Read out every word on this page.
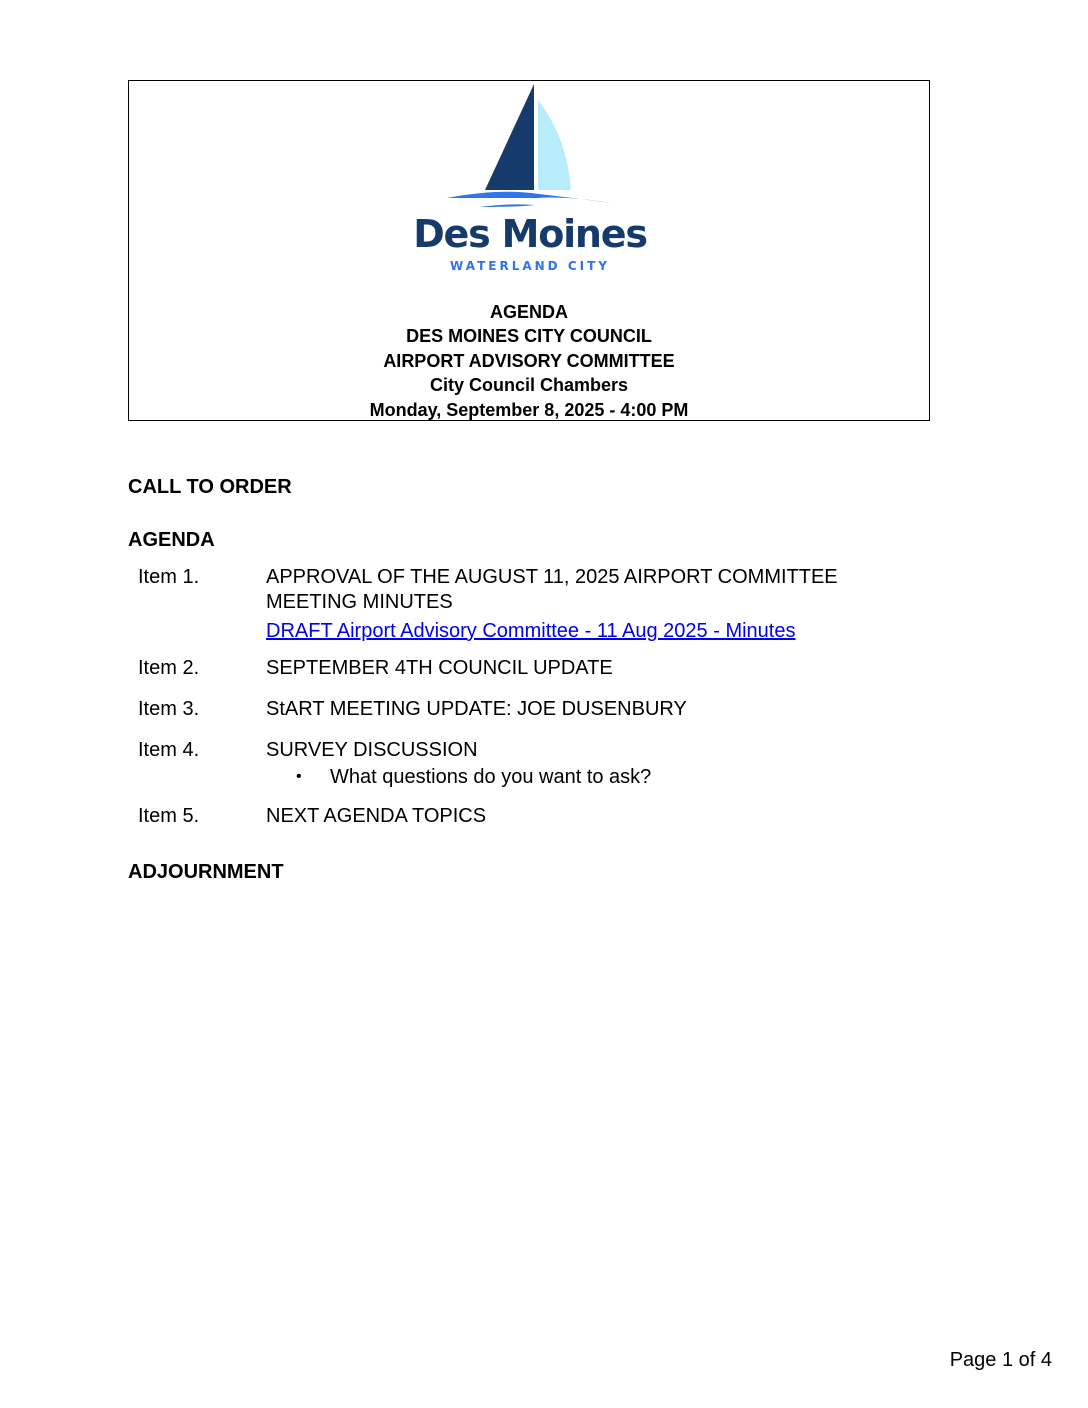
Des Moines
WATERLAND CITY
AGENDA
DES MOINES CITY COUNCIL
AIRPORT ADVISORY COMMITTEE
City Council Chambers
Monday, September 8, 2025 - 4:00 PM
CALL TO ORDER
AGENDA
Item 1.	APPROVAL OF THE AUGUST 11, 2025 AIRPORT COMMITTEE
MEETING MINUTES
DRAFT Airport Advisory Committee - 11 Aug 2025 - Minutes
Item 2.	SEPTEMBER 4TH COUNCIL UPDATE
Item 3.	StART MEETING UPDATE: JOE DUSENBURY
Item 4.	SURVEY DISCUSSION
• What questions do you want to ask?
Item 5.	NEXT AGENDA TOPICS
ADJOURNMENT
Page 1 of 4
